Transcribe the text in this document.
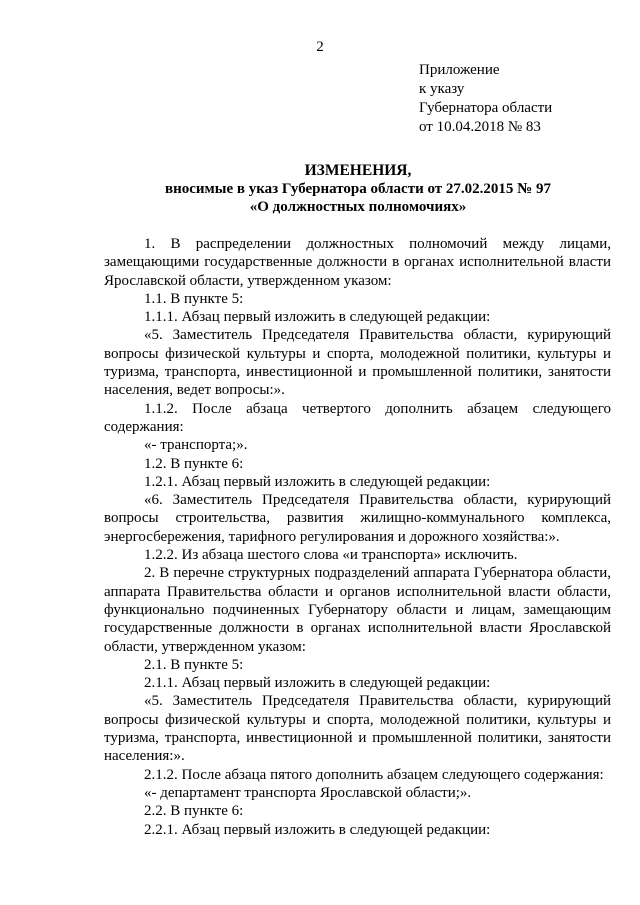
2
Приложение
к указу
Губернатора области
от 10.04.2018 № 83
ИЗМЕНЕНИЯ,
вносимые в указ Губернатора области от 27.02.2015 № 97
«О должностных полномочиях»

1. В распределении должностных полномочий между лицами, замещающими государственные должности в органах исполнительной власти Ярославской области, утвержденном указом:

1.1. В пункте 5:

1.1.1. Абзац первый изложить в следующей редакции:

«5. Заместитель Председателя Правительства области, курирующий вопросы физической культуры и спорта, молодежной политики, культуры и туризма, транспорта, инвестиционной и промышленной политики, занятости населения, ведет вопросы:».

1.1.2. После абзаца четвертого дополнить абзацем следующего содержания:

«- транспорта;».

1.2. В пункте 6:

1.2.1. Абзац первый изложить в следующей редакции:

«6. Заместитель Председателя Правительства области, курирующий вопросы строительства, развития жилищно-коммунального комплекса, энергосбережения, тарифного регулирования и дорожного хозяйства:».

1.2.2. Из абзаца шестого слова «и транспорта» исключить.

2. В перечне структурных подразделений аппарата Губернатора области, аппарата Правительства области и органов исполнительной власти области, функционально подчиненных Губернатору области и лицам, замещающим государственные должности в органах исполнительной власти Ярославской области, утвержденном указом:

2.1. В пункте 5:

2.1.1. Абзац первый изложить в следующей редакции:

«5. Заместитель Председателя Правительства области, курирующий вопросы физической культуры и спорта, молодежной политики, культуры и туризма, транспорта, инвестиционной и промышленной политики, занятости населения:».

2.1.2. После абзаца пятого дополнить абзацем следующего содержания:

«- департамент транспорта Ярославской области;».

2.2. В пункте 6:

2.2.1. Абзац первый изложить в следующей редакции:
